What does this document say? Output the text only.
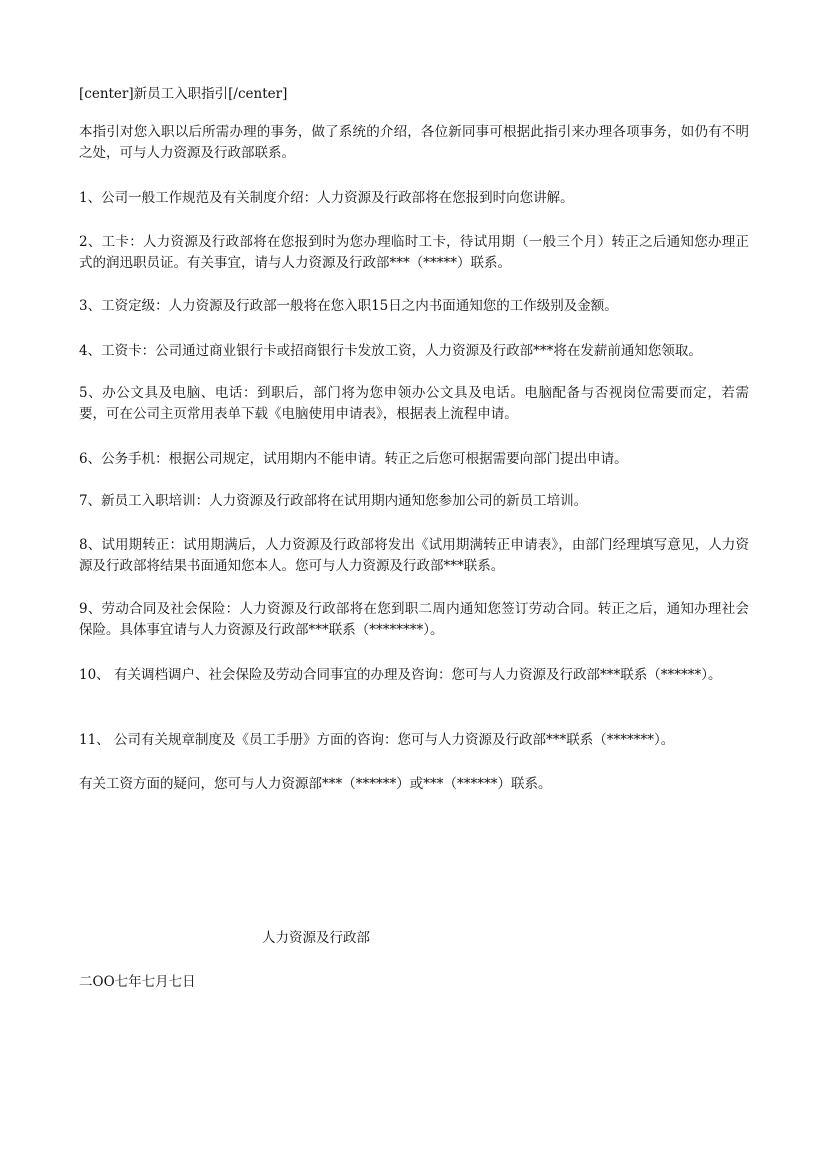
[center]新员工入职指引[/center]
本指引对您入职以后所需办理的事务，做了系统的介绍，各位新同事可根据此指引来办理各项事务，如仍有不明之处，可与人力资源及行政部联系。
1、公司一般工作规范及有关制度介绍：人力资源及行政部将在您报到时向您讲解。
2、工卡：人力资源及行政部将在您报到时为您办理临时工卡，待试用期（一般三个月）转正之后通知您办理正式的润迅职员证。有关事宜，请与人力资源及行政部***（*****）联系。
3、工资定级：人力资源及行政部一般将在您入职15日之内书面通知您的工作级别及金额。
4、工资卡：公司通过商业银行卡或招商银行卡发放工资，人力资源及行政部***将在发薪前通知您领取。
5、办公文具及电脑、电话：到职后，部门将为您申领办公文具及电话。电脑配备与否视岗位需要而定，若需要，可在公司主页常用表单下载《电脑使用申请表》，根据表上流程申请。
6、公务手机：根据公司规定，试用期内不能申请。转正之后您可根据需要向部门提出申请。
7、新员工入职培训：人力资源及行政部将在试用期内通知您参加公司的新员工培训。
8、试用期转正：试用期满后，人力资源及行政部将发出《试用期满转正申请表》，由部门经理填写意见，人力资源及行政部将结果书面通知您本人。您可与人力资源及行政部***联系。
9、劳动合同及社会保险：人力资源及行政部将在您到职二周内通知您签订劳动合同。转正之后，通知办理社会保险。具体事宜请与人力资源及行政部***联系（********）。
10、 有关调档调户、社会保险及劳动合同事宜的办理及咨询：您可与人力资源及行政部***联系（******）。
11、 公司有关规章制度及《员工手册》方面的咨询：您可与人力资源及行政部***联系（*******）。
有关工资方面的疑问，您可与人力资源部***（******）或***（******）联系。
人力资源及行政部
二OO七年七月七日
